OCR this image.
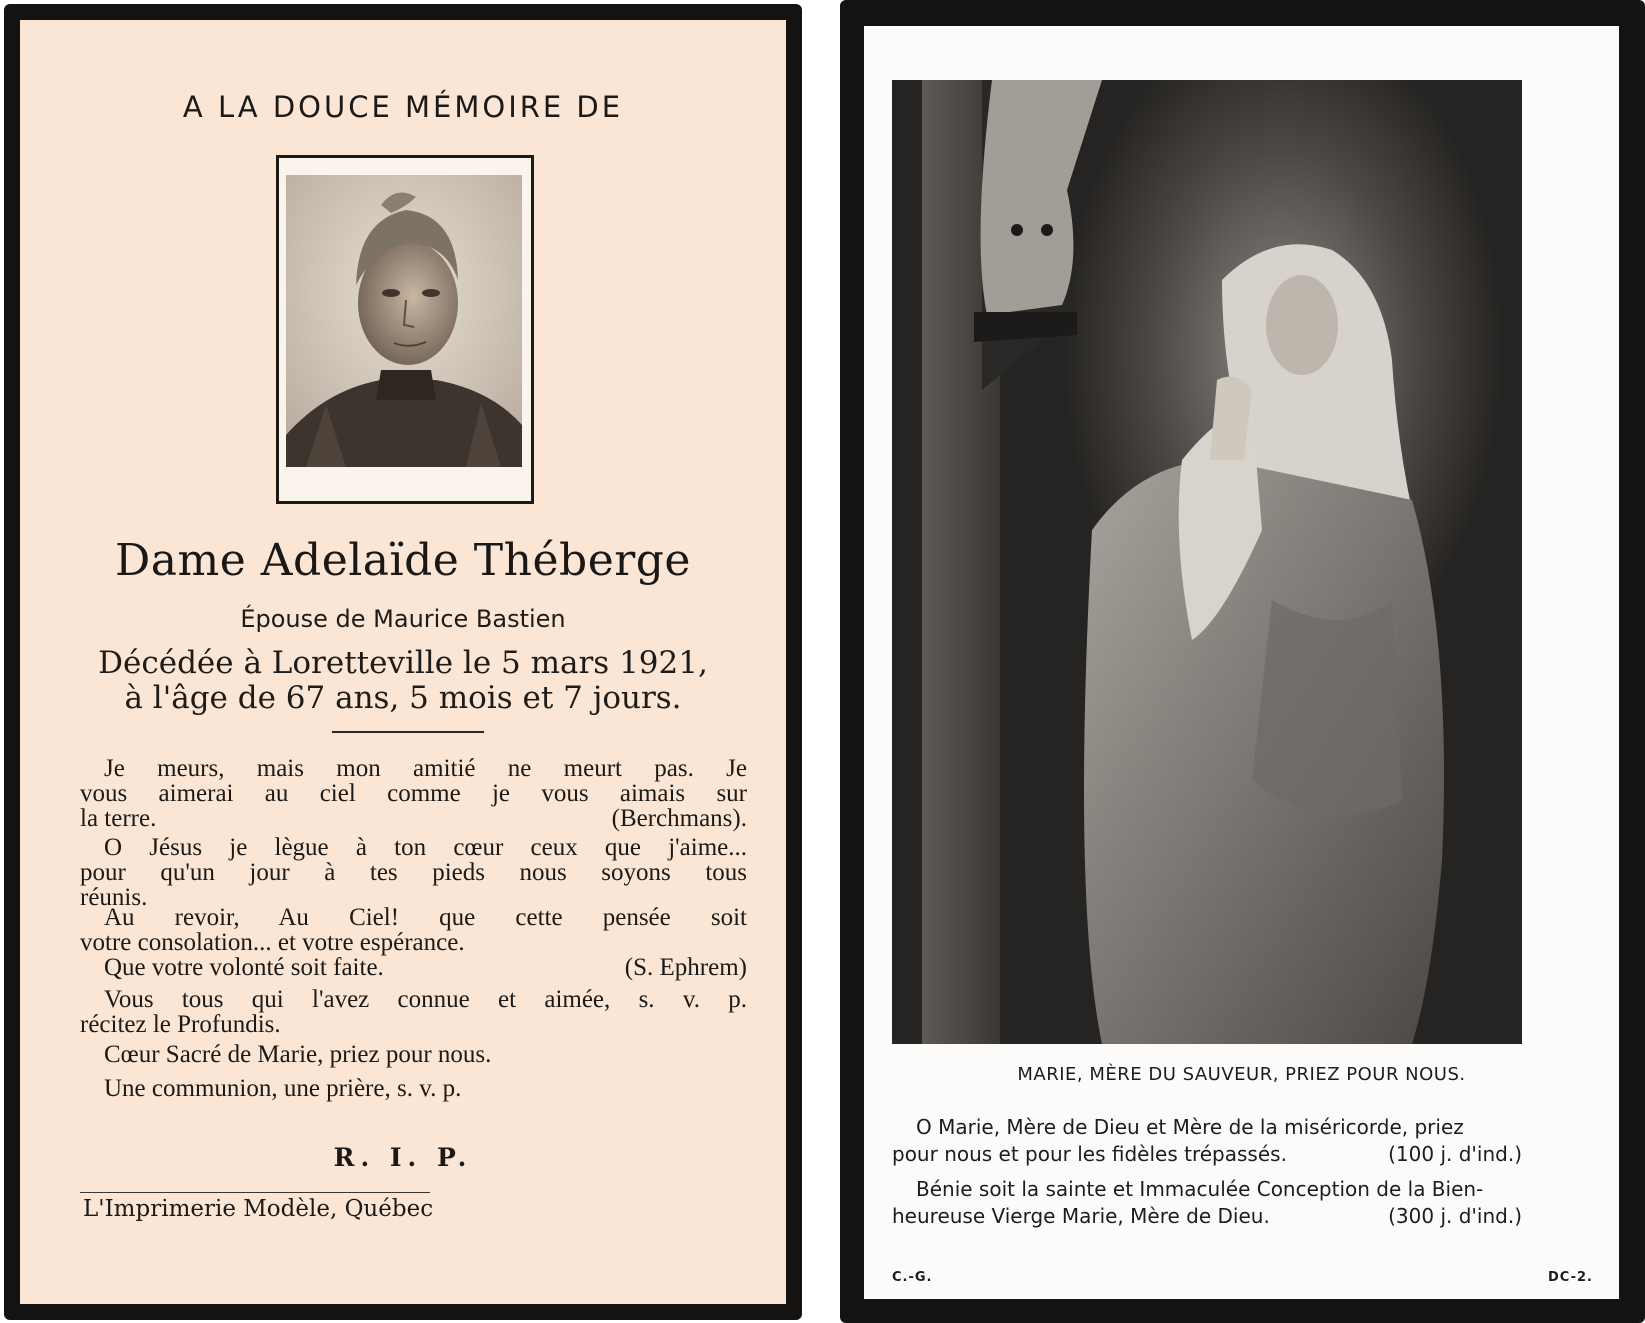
A LA DOUCE MÉMOIRE DE
Dame Adelaïde Théberge
Épouse de Maurice Bastien
Décédée à Loretteville le 5 mars 1921,
à l'âge de 67 ans, 5 mois et 7 jours.
Je meurs, mais mon amitié ne meurt pas. Je
vous aimerai au ciel comme je vous aimais sur
la terre.	(Berchmans).
O Jésus je lègue à ton cœur ceux que j'aime...
pour qu'un jour à tes pieds nous soyons tous
réunis.
Au revoir, Au Ciel! que cette pensée soit
votre consolation... et votre espérance.
Que votre volonté soit faite.	(S. Ephrem)
Vous tous qui l'avez connue et aimée, s. v. p.
récitez le Profundis.
Cœur Sacré de Marie, priez pour nous.
Une communion, une prière, s. v. p.
R. I. P.
L'Imprimerie Modèle, Québec
MARIE, MÈRE DU SAUVEUR, PRIEZ POUR NOUS.
O Marie, Mère de Dieu et Mère de la miséricorde, priez
pour nous et pour les fidèles trépassés.	(100 j. d'ind.)
Bénie soit la sainte et Immaculée Conception de la Bien-
heureuse Vierge Marie, Mère de Dieu.	(300 j. d'ind.)
C.-G.	DC-2.
